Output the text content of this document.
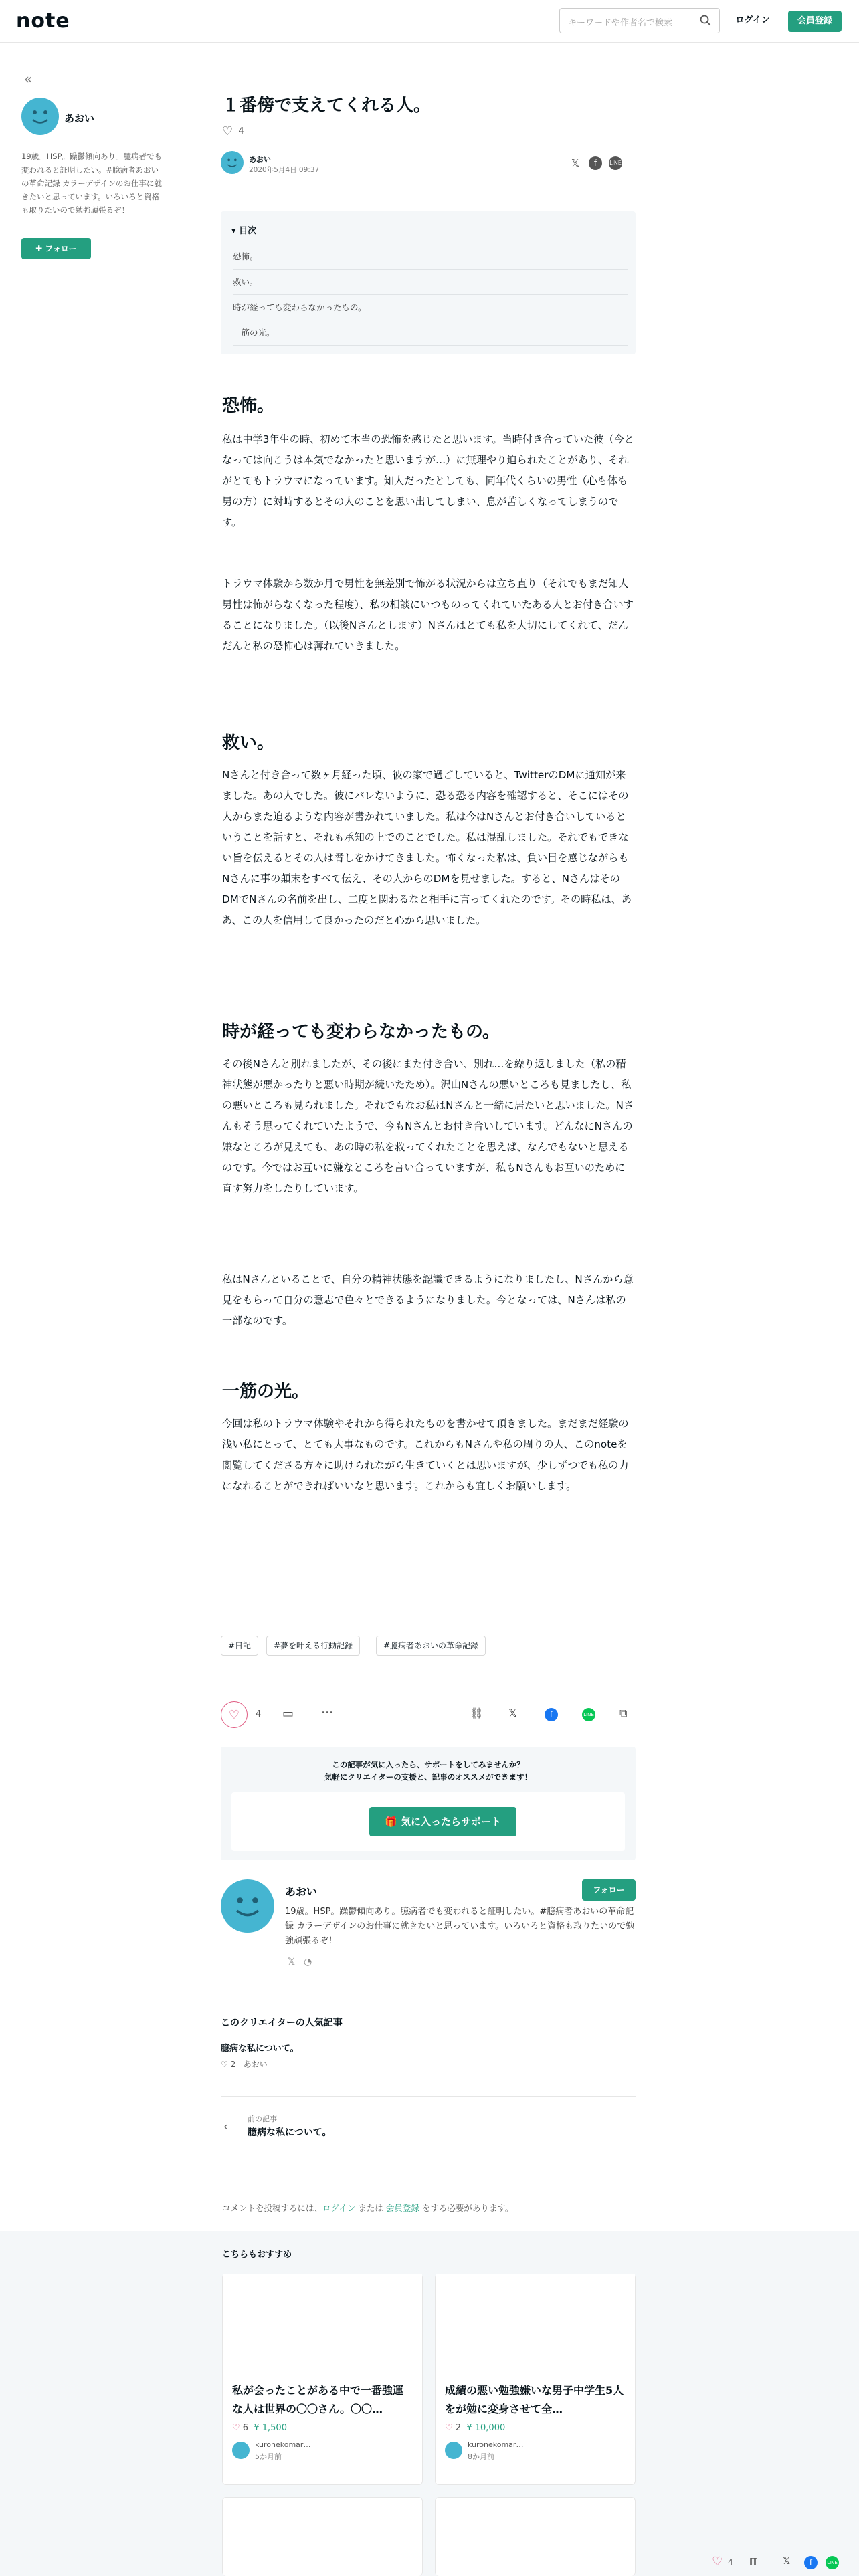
note	キーワードや作者名で検索	ログイン	会員登録
«
あおい
19歳。HSP。躁鬱傾向あり。臆病者でも変われると証明したい。#臆病者あおいの革命記録 カラーデザインのお仕事に就きたいと思っています。いろいろと資格も取りたいので勉強頑張るぞ！
✚ フォロー
１番傍で支えてくれる人。
♡ 4
あおい
2020年5月4日 09:37
𝕏	f	LINE
▾ 目次
恐怖。
救い。
時が経っても変わらなかったもの。
一筋の光。
恐怖。

私は中学3年生の時、初めて本当の恐怖を感じたと思います。当時付き合っていた彼（今となっては向こうは本気でなかったと思いますが…）に無理やり迫られたことがあり、それがとてもトラウマになっています。知人だったとしても、同年代くらいの男性（心も体も男の方）に対峙するとその人のことを思い出してしまい、息が苦しくなってしまうのです。

トラウマ体験から数か月で男性を無差別で怖がる状況からは立ち直り（それでもまだ知人男性は怖がらなくなった程度）、私の相談にいつものってくれていたある人とお付き合いすることになりました。（以後Nさんとします）Nさんはとても私を大切にしてくれて、だんだんと私の恐怖心は薄れていきました。

救い。

Nさんと付き合って数ヶ月経った頃、彼の家で過ごしていると、TwitterのDMに通知が来ました。あの人でした。彼にバレないように、恐る恐る内容を確認すると、そこにはその人からまた迫るような内容が書かれていました。私は今はNさんとお付き合いしているということを話すと、それも承知の上でのことでした。私は混乱しました。それでもできない旨を伝えるとその人は脅しをかけてきました。怖くなった私は、負い目を感じながらもNさんに事の顛末をすべて伝え、その人からのDMを見せました。すると、Nさんはその DMでNさんの名前を出し、二度と関わるなと相手に言ってくれたのです。その時私は、ああ、この人を信用して良かったのだと心から思いました。

時が経っても変わらなかったもの。

その後Nさんと別れましたが、その後にまた付き合い、別れ…を繰り返しました（私の精神状態が悪かったりと悪い時期が続いたため）。沢山Nさんの悪いところも見ましたし、私の悪いところも見られました。それでもなお私はNさんと一緒に居たいと思いました。Nさんもそう思ってくれていたようで、今もNさんとお付き合いしています。どんなにNさんの嫌なところが見えても、あの時の私を救ってくれたことを思えば、なんでもないと思えるのです。今ではお互いに嫌なところを言い合っていますが、私もNさんもお互いのために直す努力をしたりしています。

私はNさんといることで、自分の精神状態を認識できるようになりましたし、Nさんから意見をもらって自分の意志で色々とできるようになりました。今となっては、Nさんは私の一部なのです。

一筋の光。

今回は私のトラウマ体験やそれから得られたものを書かせて頂きました。まだまだ経験の浅い私にとって、とても大事なものです。これからもNさんや私の周りの人、このnoteを閲覧してくださる方々に助けられながら生きていくとは思いますが、少しずつでも私の力になれることができればいいなと思います。これからも宜しくお願いします。

#日記	#夢を叶える行動記録	#臆病者あおいの革命記録
♡	4 ▭ ⋯	⛓ 𝕏	f	LINE ⧉
この記事が気に入ったら、サポートをしてみませんか？
気軽にクリエイターの支援と、記事のオススメができます！
🎁 気に入ったらサポート
あおい
19歳。HSP。躁鬱傾向あり。臆病者でも変われると証明したい。#臆病者あおいの革命記録 カラーデザインのお仕事に就きたいと思っています。いろいろと資格も取りたいので勉強頑張るぞ！
フォロー
𝕏 ◔
このクリエイターの人気記事
臆病な私について。
♡ 2 あおい
‹
前の記事
臆病な私について。
コメントを投稿するには、ログイン または 会員登録 をする必要があります。
こちらもおすすめ
私が会ったことがある中で一番強運な人は世界の〇〇さん。〇〇…
♡ 6 ¥ 1,500
kuronekomar…
5か月前
成績の悪い勉強嫌いな男子中学生5人をが勉に変身させて全…
♡ 2 ¥ 10,000
kuronekomar…
8か月前
♡ 4 ▥	𝕏	f	LINE
